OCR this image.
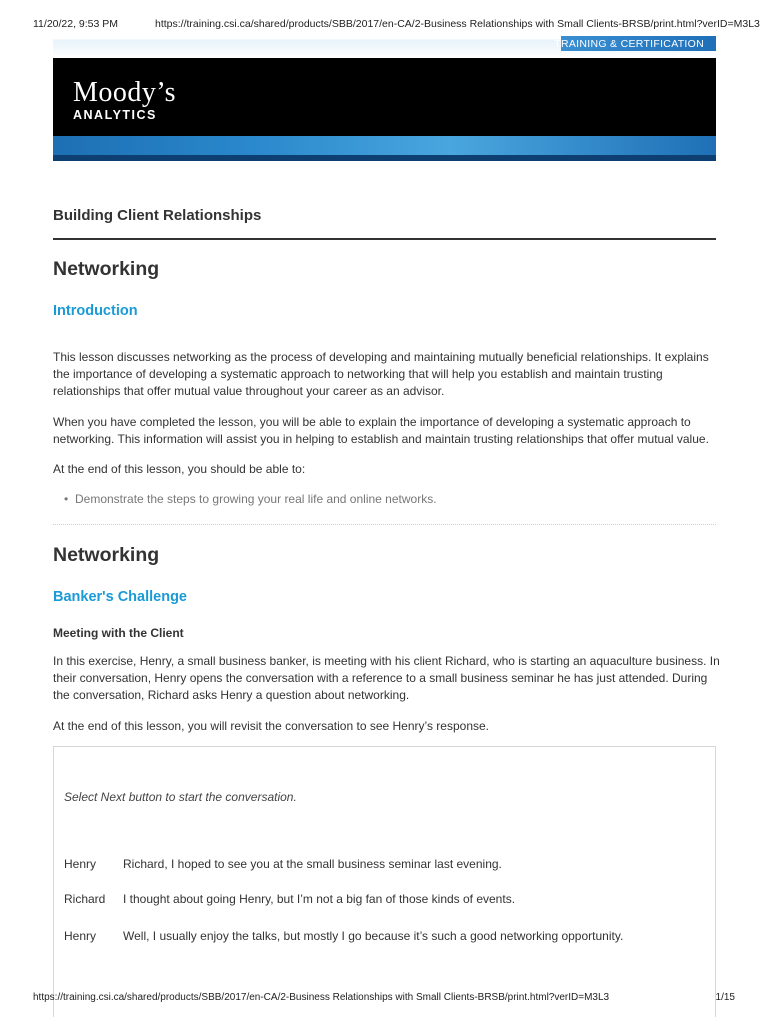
11/20/22, 9:53 PM	https://training.csi.ca/shared/products/SBB/2017/en-CA/2-Business Relationships with Small Clients-BRSB/print.html?verID=M3L3
TRAINING & CERTIFICATION
Moody’s
ANALYTICS
Building Client Relationships
Networking
Introduction

This lesson discusses networking as the process of developing and maintaining mutually beneficial relationships. It explains the importance of developing a systematic approach to networking that will help you establish and maintain trusting relationships that offer mutual value throughout your career as an advisor.

When you have completed the lesson, you will be able to explain the importance of developing a systematic approach to networking. This information will assist you in helping to establish and maintain trusting relationships that offer mutual value.

At the end of this lesson, you should be able to:

• Demonstrate the steps to growing your real life and online networks.
Networking
Banker's Challenge
Meeting with the Client

In this exercise, Henry, a small business banker, is meeting with his client Richard, who is starting an aquaculture business. In their conversation, Henry opens the conversation with a reference to a small business seminar he has just attended. During the conversation, Richard asks Henry a question about networking.

At the end of this lesson, you will revisit the conversation to see Henry’s response.

Select Next button to start the conversation.
Henry	Richard, I hoped to see you at the small business seminar last evening.
Richard	I thought about going Henry, but I’m not a big fan of those kinds of events.
Henry	Well, I usually enjoy the talks, but mostly I go because it’s such a good networking opportunity.
https://training.csi.ca/shared/products/SBB/2017/en-CA/2-Business Relationships with Small Clients-BRSB/print.html?verID=M3L3	1/15
